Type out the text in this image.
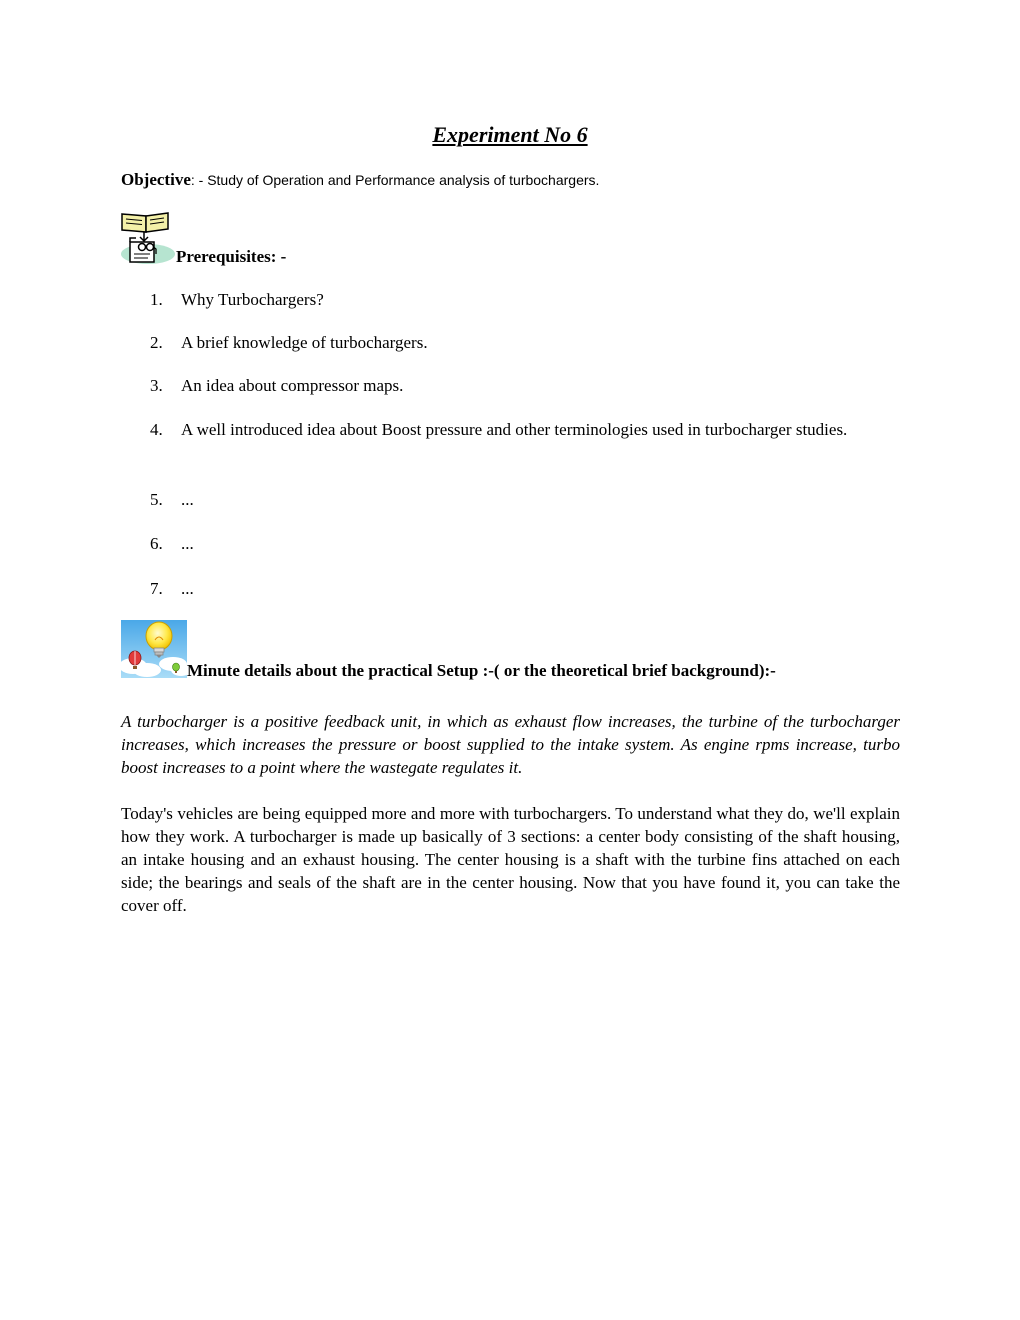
Experiment No 6
Objective: - Study of Operation and Performance analysis of turbochargers.
Prerequisites: -
1.	Why Turbochargers?
2.	A brief knowledge of turbochargers.
3.	An idea about compressor maps.
4.	A well introduced idea about Boost pressure and other terminologies used in turbocharger studies.
5.	...
6.	...
7.	...
Minute details about the practical Setup :-( or the theoretical brief background):-

A turbocharger is a positive feedback unit, in which as exhaust flow increases, the turbine of the turbocharger increases, which increases the pressure or boost supplied to the intake system. As engine rpms increase, turbo boost increases to a point where the wastegate regulates it.

Today's vehicles are being equipped more and more with turbochargers. To understand what they do, we'll explain how they work. A turbocharger is made up basically of 3 sections: a center body consisting of the shaft housing, an intake housing and an exhaust housing. The center housing is a shaft with the turbine fins attached on each side; the bearings and seals of the shaft are in the center housing. Now that you have found it, you can take the cover off.
